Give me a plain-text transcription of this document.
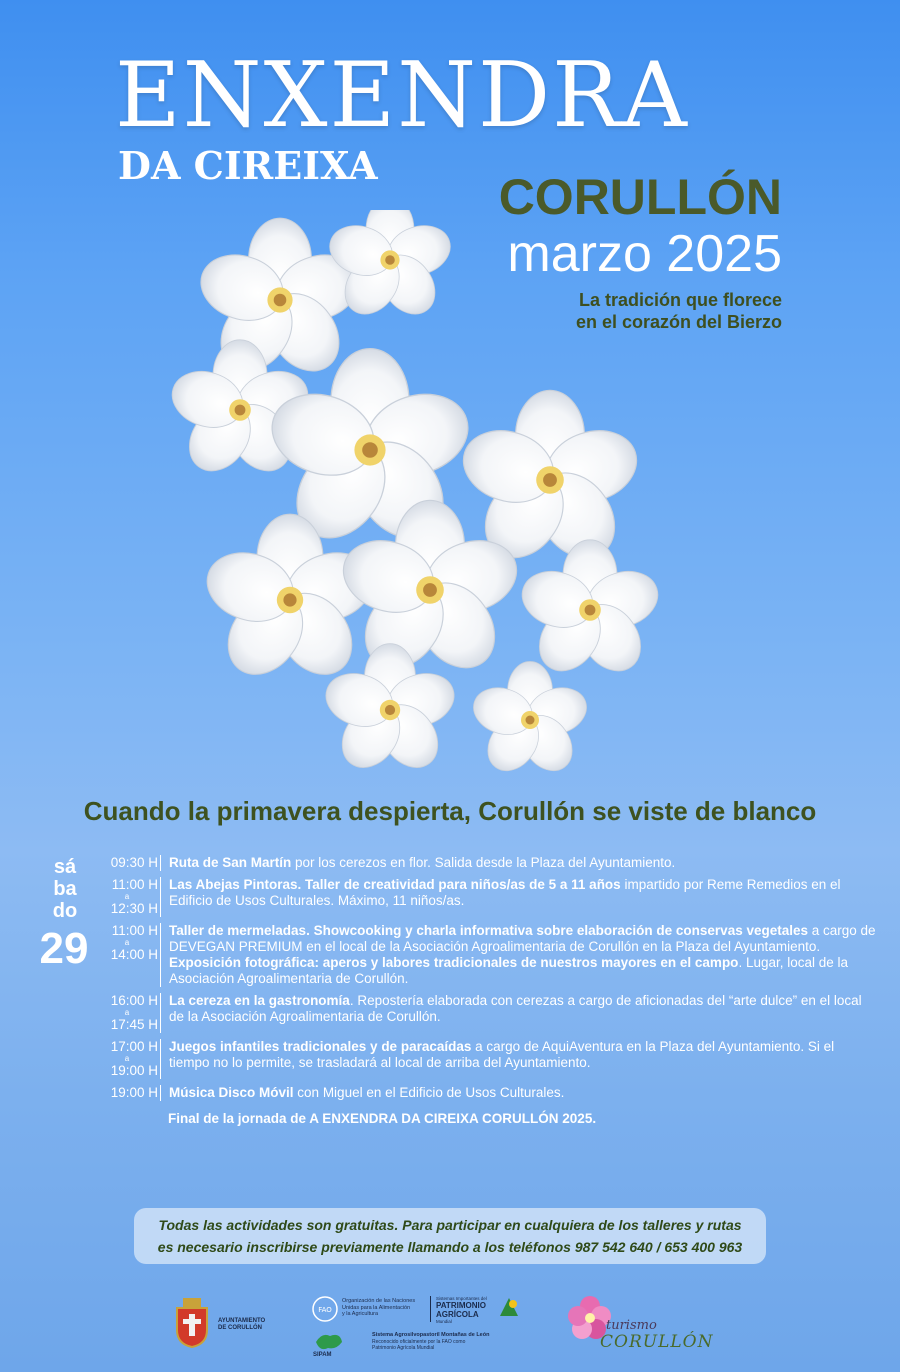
ENXENDRA
DA CIREIXA
CORULLÓN
marzo 2025
La tradición que florece
en el corazón del Bierzo
Cuando la primavera despierta, Corullón se viste de blanco
sá
ba
do
29
09:30 H Ruta de San Martín por los cerezos en flor. Salida desde la Plaza del Ayuntamiento.
11:00 H
a
12:30 H
Las Abejas Pintoras. Taller de creatividad para niños/as de 5 a 11 años impartido por Reme Remedios en el Edificio de Usos Culturales. Máximo, 11 niños/as.
11:00 H
a
14:00 H
Taller de mermeladas. Showcooking y charla informativa sobre elaboración de conservas vegetales a cargo de DEVEGAN PREMIUM en el local de la Asociación Agroalimentaria de Corullón en la Plaza del Ayuntamiento.
Exposición fotográfica: aperos y labores tradicionales de nuestros mayores en el campo. Lugar, local de la Asociación Agroalimentaria de Corullón.
16:00 H
a
17:45 H
La cereza en la gastronomía. Repostería elaborada con cerezas a cargo de aficionadas del “arte dulce” en el local de la Asociación Agroalimentaria de Corullón.
17:00 H
a
19:00 H
Juegos infantiles tradicionales y de paracaídas a cargo de AquiAventura en la Plaza del Ayuntamiento. Si el tiempo no lo permite, se trasladará al local de arriba del Ayuntamiento.
19:00 H Música Disco Móvil con Miguel en el Edificio de Usos Culturales.
Final de la jornada de A ENXENDRA DA CIREIXA CORULLÓN 2025.
Todas las actividades son gratuitas. Para participar en cualquiera de los talleres y rutas
es necesario inscribirse previamente llamando a los teléfonos 987 542 640 / 653 400 963
AYUNTAMIENTO
DE CORULLÓN
FAO
Organización de las Naciones
Unidas para la Alimentación
y la Agricultura
Sistemas Importantes del
PATRIMONIO
AGRÍCOLA
Mundial
SIPAM
Sistema Agrosilvopastoril Montañas de León
Reconocido oficialmente por la FAO como
Patrimonio Agrícola Mundial
turismo
CORULLÓN
